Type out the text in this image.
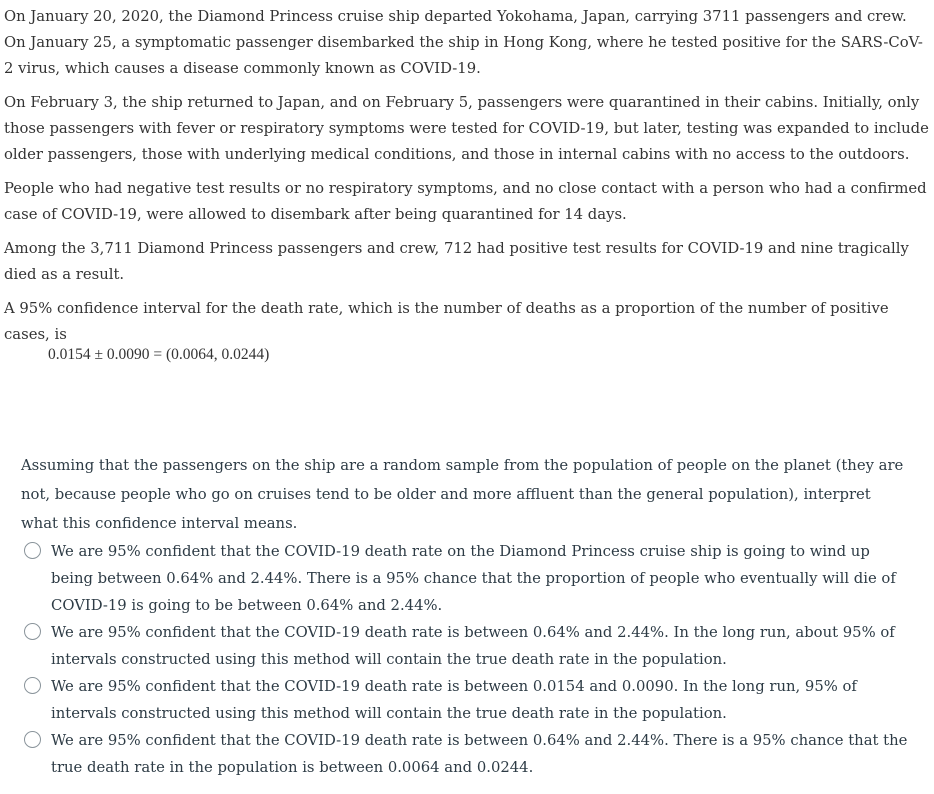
On January 20, 2020, the Diamond Princess cruise ship departed Yokohama, Japan, carrying 3711 passengers and crew. On January 25, a symptomatic passenger disembarked the ship in Hong Kong, where he tested positive for the SARS-CoV-2 virus, which causes a disease commonly known as COVID-19.

On February 3, the ship returned to Japan, and on February 5, passengers were quarantined in their cabins. Initially, only those passengers with fever or respiratory symptoms were tested for COVID-19, but later, testing was expanded to include older passengers, those with underlying medical conditions, and those in internal cabins with no access to the outdoors.

People who had negative test results or no respiratory symptoms, and no close contact with a person who had a confirmed case of COVID-19, were allowed to disembark after being quarantined for 14 days.

Among the 3,711 Diamond Princess passengers and crew, 712 had positive test results for COVID-19 and nine tragically died as a result.

A 95% confidence interval for the death rate, which is the number of deaths as a proportion of the number of positive cases, is

0.0154 ± 0.0090 = (0.0064, 0.0244)
Assuming that the passengers on the ship are a random sample from the population of people on the planet (they are not, because people who go on cruises tend to be older and more affluent than the general population), interpret what this confidence interval means.
We are 95% confident that the COVID-19 death rate on the Diamond Princess cruise ship is going to wind up being between 0.64% and 2.44%. There is a 95% chance that the proportion of people who eventually will die of COVID-19 is going to be between 0.64% and 2.44%.
We are 95% confident that the COVID-19 death rate is between 0.64% and 2.44%. In the long run, about 95% of intervals constructed using this method will contain the true death rate in the population.
We are 95% confident that the COVID-19 death rate is between 0.0154 and 0.0090. In the long run, 95% of intervals constructed using this method will contain the true death rate in the population.
We are 95% confident that the COVID-19 death rate is between 0.64% and 2.44%. There is a 95% chance that the true death rate in the population is between 0.0064 and 0.0244.
